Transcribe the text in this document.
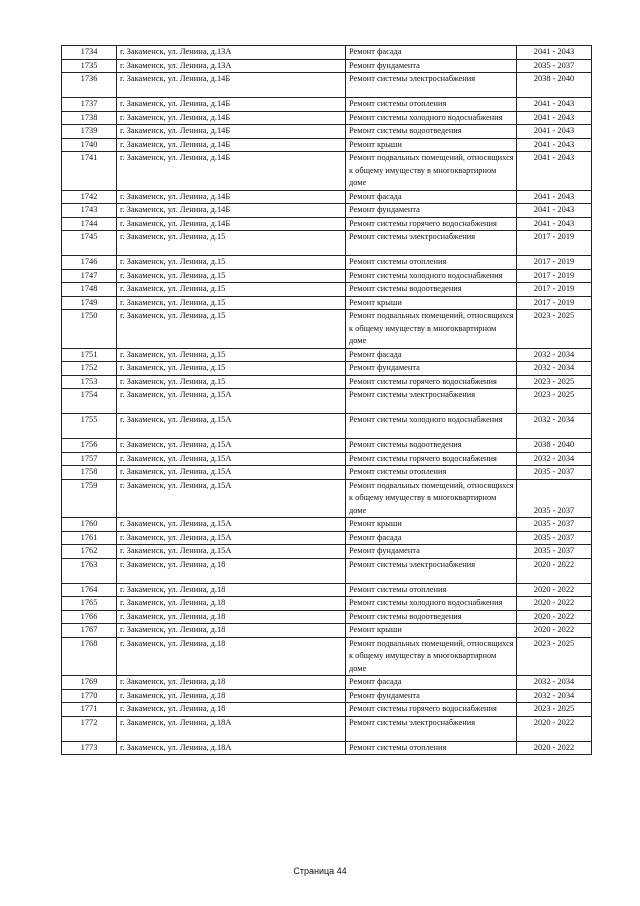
1734	г. Закаменск, ул. Ленина, д.13А	Ремонт фасада	2041 - 2043
1735	г. Закаменск, ул. Ленина, д.13А	Ремонт фундамента	2035 - 2037
1736	г. Закаменск, ул. Ленина, д.14Б	Ремонт системы электроснабжения	2038 - 2040
1737	г. Закаменск, ул. Ленина, д.14Б	Ремонт системы отопления	2041 - 2043
1738	г. Закаменск, ул. Ленина, д.14Б	Ремонт системы холодного водоснабжения	2041 - 2043
1739	г. Закаменск, ул. Ленина, д.14Б	Ремонт системы водоотведения	2041 - 2043
1740	г. Закаменск, ул. Ленина, д.14Б	Ремонт крыши	2041 - 2043
1741	г. Закаменск, ул. Ленина, д.14Б	Ремонт подвальных помещений, относящихся к общему имуществу в многоквартирном доме	2041 - 2043
1742	г. Закаменск, ул. Ленина, д.14Б	Ремонт фасада	2041 - 2043
1743	г. Закаменск, ул. Ленина, д.14Б	Ремонт фундамента	2041 - 2043
1744	г. Закаменск, ул. Ленина, д.14Б	Ремонт системы горячего водоснабжения	2041 - 2043
1745	г. Закаменск, ул. Ленина, д.15	Ремонт системы электроснабжения	2017 - 2019
1746	г. Закаменск, ул. Ленина, д.15	Ремонт системы отопления	2017 - 2019
1747	г. Закаменск, ул. Ленина, д.15	Ремонт системы холодного водоснабжения	2017 - 2019
1748	г. Закаменск, ул. Ленина, д.15	Ремонт системы водоотведения	2017 - 2019
1749	г. Закаменск, ул. Ленина, д.15	Ремонт крыши	2017 - 2019
1750	г. Закаменск, ул. Ленина, д.15	Ремонт подвальных помещений, относящихся к общему имуществу в многоквартирном доме	2023 - 2025
1751	г. Закаменск, ул. Ленина, д.15	Ремонт фасада	2032 - 2034
1752	г. Закаменск, ул. Ленина, д.15	Ремонт фундамента	2032 - 2034
1753	г. Закаменск, ул. Ленина, д.15	Ремонт системы горячего водоснабжения	2023 - 2025
1754	г. Закаменск, ул. Ленина, д.15А	Ремонт системы электроснабжения	2023 - 2025
1755	г. Закаменск, ул. Ленина, д.15А	Ремонт системы холодного водоснабжения	2032 - 2034
1756	г. Закаменск, ул. Ленина, д.15А	Ремонт системы водоотведения	2038 - 2040
1757	г. Закаменск, ул. Ленина, д.15А	Ремонт системы горячего водоснабжения	2032 - 2034
1758	г. Закаменск, ул. Ленина, д.15А	Ремонт системы отопления	2035 - 2037
1759	г. Закаменск, ул. Ленина, д.15А	Ремонт подвальных помещений, относящихся к общему имуществу в многоквартирном доме	2035 - 2037
1760	г. Закаменск, ул. Ленина, д.15А	Ремонт крыши	2035 - 2037
1761	г. Закаменск, ул. Ленина, д.15А	Ремонт фасада	2035 - 2037
1762	г. Закаменск, ул. Ленина, д.15А	Ремонт фундамента	2035 - 2037
1763	г. Закаменск, ул. Ленина, д.18	Ремонт системы электроснабжения	2020 - 2022
1764	г. Закаменск, ул. Ленина, д.18	Ремонт системы отопления	2020 - 2022
1765	г. Закаменск, ул. Ленина, д.18	Ремонт системы холодного водоснабжения	2020 - 2022
1766	г. Закаменск, ул. Ленина, д.18	Ремонт системы водоотведения	2020 - 2022
1767	г. Закаменск, ул. Ленина, д.18	Ремонт крыши	2020 - 2022
1768	г. Закаменск, ул. Ленина, д.18	Ремонт подвальных помещений, относящихся к общему имуществу в многоквартирном доме	2023 - 2025
1769	г. Закаменск, ул. Ленина, д.18	Ремонт фасада	2032 - 2034
1770	г. Закаменск, ул. Ленина, д.18	Ремонт фундамента	2032 - 2034
1771	г. Закаменск, ул. Ленина, д.18	Ремонт системы горячего водоснабжения	2023 - 2025
1772	г. Закаменск, ул. Ленина, д.18А	Ремонт системы электроснабжения	2020 - 2022
1773	г. Закаменск, ул. Ленина, д.18А	Ремонт системы отопления	2020 - 2022
Страница 44
